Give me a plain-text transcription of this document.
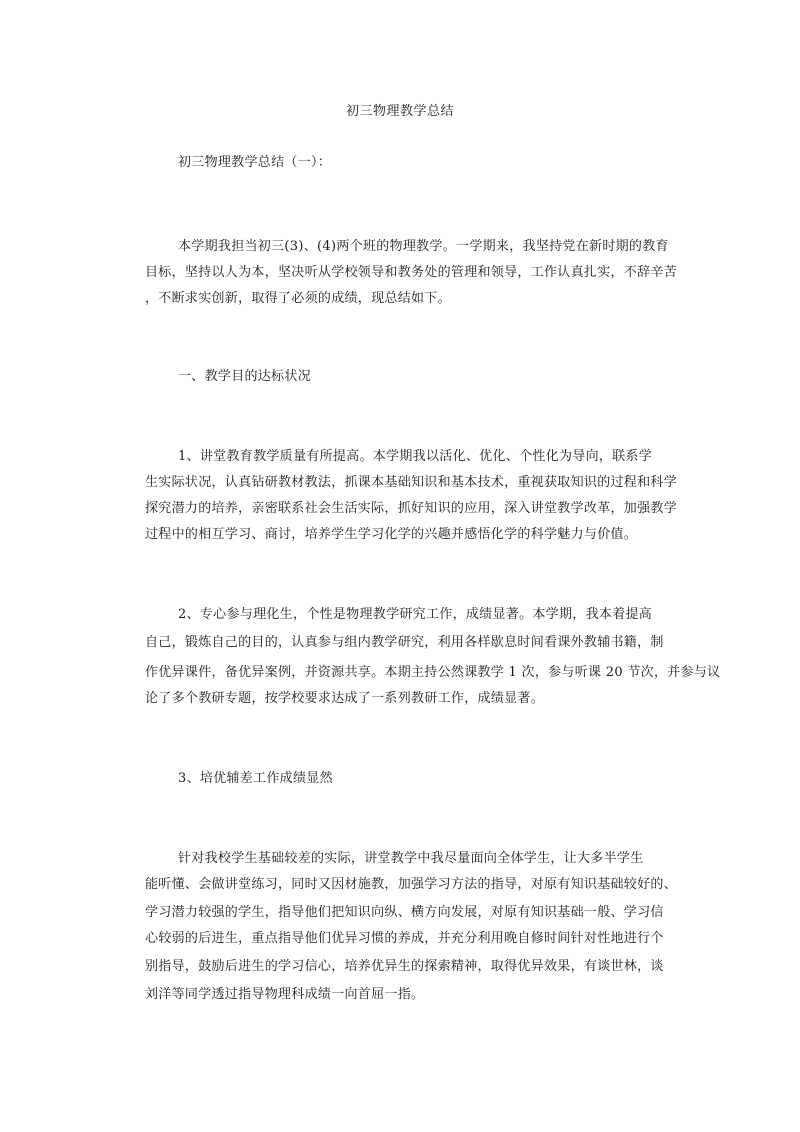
初三物理教学总结
初三物理教学总结（一）：
本学期我担当初三(3)、(4)两个班的物理教学。一学期来，我坚持党在新时期的教育
目标，坚持以人为本，坚决听从学校领导和教务处的管理和领导，工作认真扎实，不辞辛苦
，不断求实创新，取得了必须的成绩，现总结如下。
一、教学目的达标状况
1、讲堂教育教学质量有所提高。本学期我以活化、优化、个性化为导向，联系学
生实际状况，认真钻研教材教法，抓课本基础知识和基本技术，重视获取知识的过程和科学
探究潜力的培养，亲密联系社会生活实际，抓好知识的应用，深入讲堂教学改革，加强教学
过程中的相互学习、商讨，培养学生学习化学的兴趣并感悟化学的科学魅力与价值。
2、专心参与理化生，个性是物理教学研究工作，成绩显著。本学期，我本着提高
自己，锻炼自己的目的，认真参与组内教学研究，利用各样歇息时间看课外教辅书籍，制
作优异课件，备优异案例，并资源共享。本期主持公然课教学 1 次，参与听课 20 节次，并参与议
论了多个教研专题，按学校要求达成了一系列教研工作，成绩显著。
3、培优辅差工作成绩显然
针对我校学生基础较差的实际，讲堂教学中我尽量面向全体学生，让大多半学生
能听懂、会做讲堂练习，同时又因材施教，加强学习方法的指导，对原有知识基础较好的、
学习潜力较强的学生，指导他们把知识向纵、横方向发展，对原有知识基础一般、学习信
心较弱的后进生，重点指导他们优异习惯的养成，并充分利用晚自修时间针对性地进行个
别指导，鼓励后进生的学习信心，培养优异生的探索精神，取得优异效果，有谈世林，谈
刘洋等同学透过指导物理科成绩一向首屈一指。
